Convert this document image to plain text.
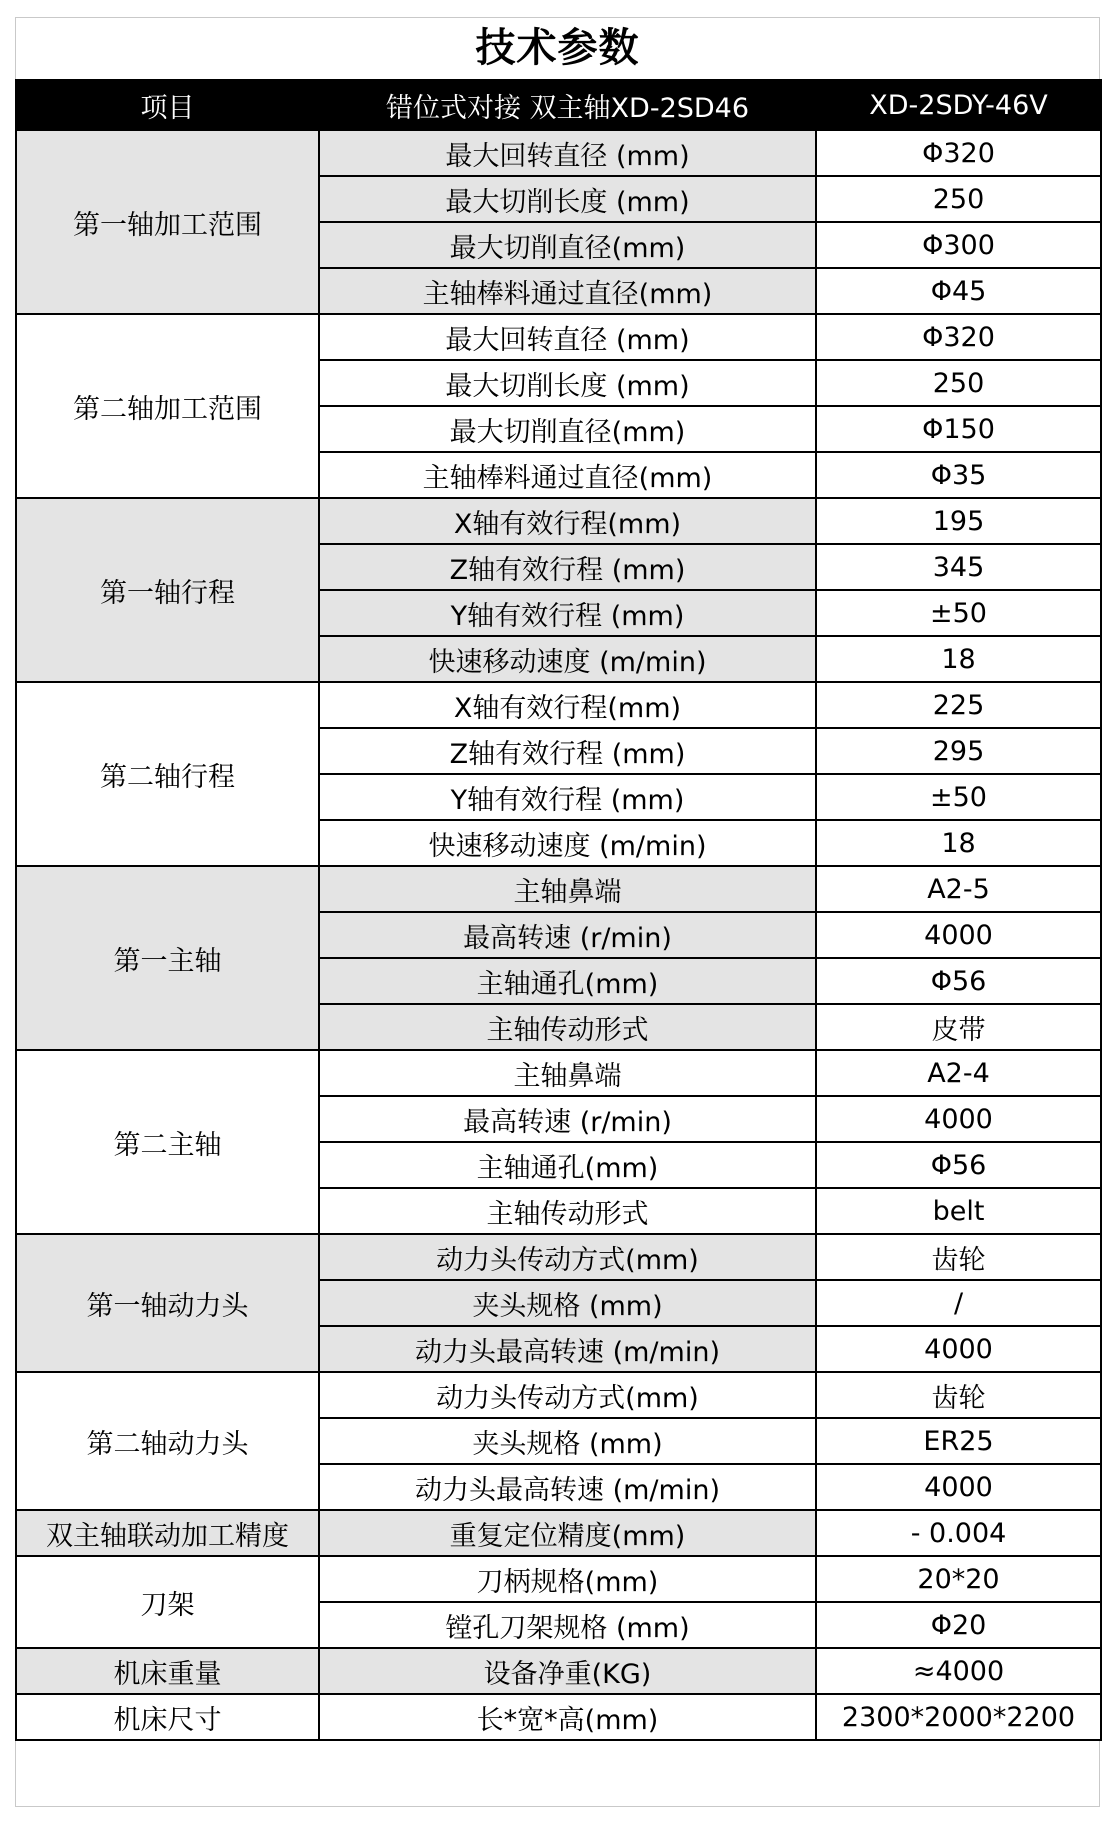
技术参数
项目	错位式对接 双主轴XD-2SD46	XD-2SDY-46V
第一轴加工范围	最大回转直径 (mm)	Φ320
	最大切削长度 (mm)	250
	最大切削直径(mm)	Φ300
	主轴棒料通过直径(mm)	Φ45
第二轴加工范围	最大回转直径 (mm)	Φ320
	最大切削长度 (mm)	250
	最大切削直径(mm)	Φ150
	主轴棒料通过直径(mm)	Φ35
第一轴行程	X轴有效行程(mm)	195
	Z轴有效行程 (mm)	345
	Y轴有效行程 (mm)	±50
	快速移动速度 (m/min)	18
第二轴行程	X轴有效行程(mm)	225
	Z轴有效行程 (mm)	295
	Y轴有效行程 (mm)	±50
	快速移动速度 (m/min)	18
第一主轴	主轴鼻端	A2-5
	最高转速 (r/min)	4000
	主轴通孔(mm)	Φ56
	主轴传动形式	皮带
第二主轴	主轴鼻端	A2-4
	最高转速 (r/min)	4000
	主轴通孔(mm)	Φ56
	主轴传动形式	belt
第一轴动力头	动力头传动方式(mm)	齿轮
	夹头规格 (mm)	/
	动力头最高转速 (m/min)	4000
第二轴动力头	动力头传动方式(mm)	齿轮
	夹头规格 (mm)	ER25
	动力头最高转速 (m/min)	4000
双主轴联动加工精度	重复定位精度(mm)	- 0.004
刀架	刀柄规格(mm)	20*20
	镗孔刀架规格 (mm)	Φ20
机床重量	设备净重(KG)	≈4000
机床尺寸	长*宽*高(mm)	2300*2000*2200
